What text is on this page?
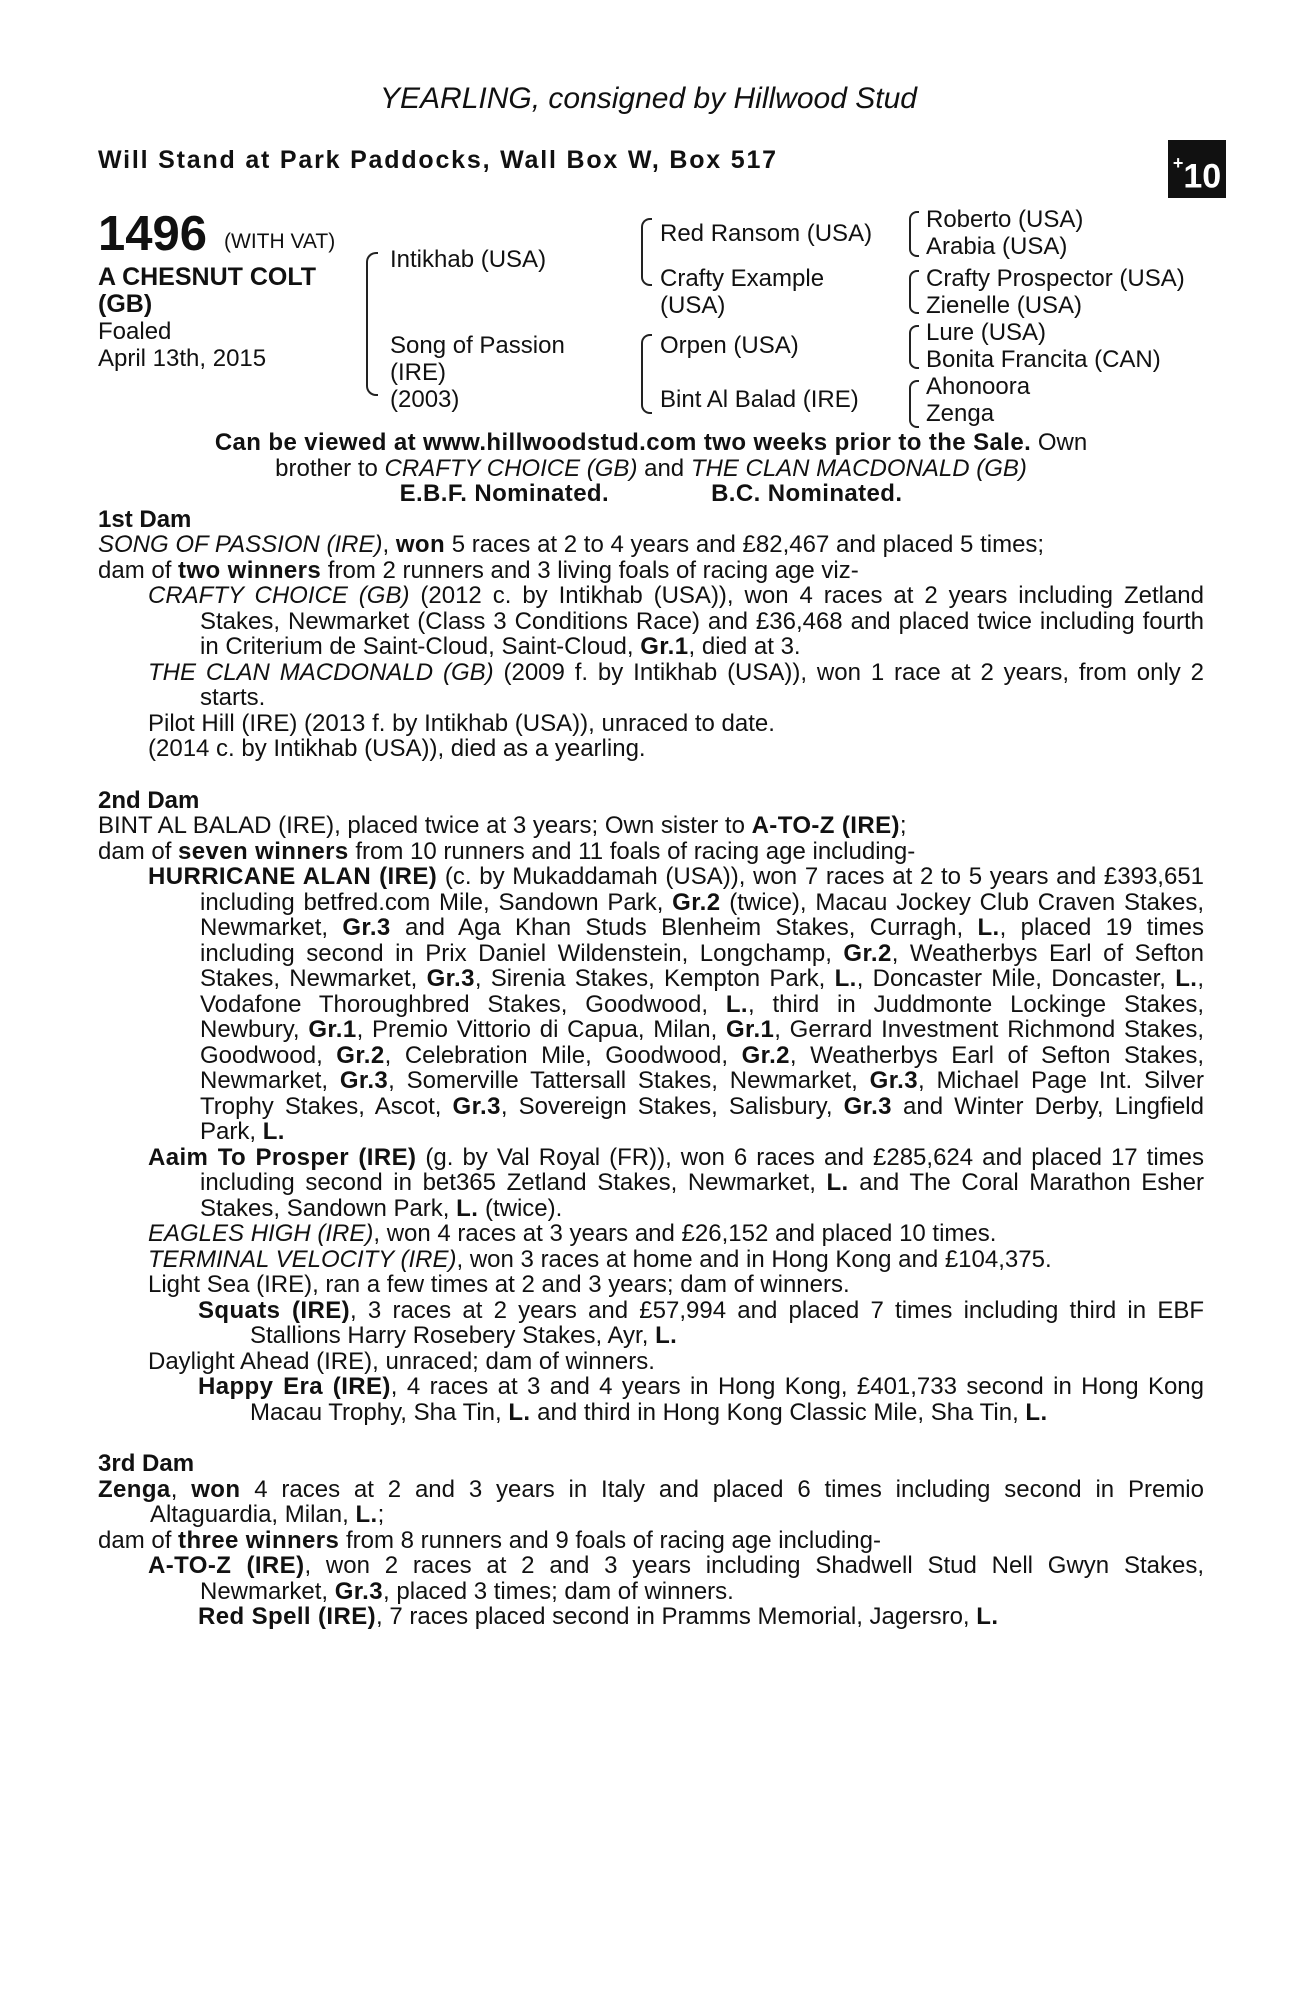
YEARLING, consigned by Hillwood Stud
Will Stand at Park Paddocks, Wall Box W, Box 517	+10
1496 (WITH VAT)
A CHESNUT COLT
(GB)
Foaled
April 13th, 2015
Intikhab (USA)
Song of Passion
(IRE)
(2003)
Red Ransom (USA)
Crafty Example
(USA)
Orpen (USA)
Bint Al Balad (IRE)
Roberto (USA)
Arabia (USA)
Crafty Prospector (USA)
Zienelle (USA)
Lure (USA)
Bonita Francita (CAN)
Ahonoora
Zenga

Can be viewed at www.hillwoodstud.com two weeks prior to the Sale. Own

brother to CRAFTY CHOICE (GB) and THE CLAN MACDONALD (GB)

E.B.F. Nominated.	B.C. Nominated.

1st Dam

SONG OF PASSION (IRE), won 5 races at 2 to 4 years and £82,467 and placed 5 times;

dam of two winners from 2 runners and 3 living foals of racing age viz-

CRAFTY CHOICE (GB) (2012 c. by Intikhab (USA)), won 4 races at 2 years including Zetland Stakes, Newmarket (Class 3 Conditions Race) and £36,468 and placed twice including fourth in Criterium de Saint-Cloud, Saint-Cloud, Gr.1, died at 3.

THE CLAN MACDONALD (GB) (2009 f. by Intikhab (USA)), won 1 race at 2 years, from only 2 starts.

Pilot Hill (IRE) (2013 f. by Intikhab (USA)), unraced to date.

(2014 c. by Intikhab (USA)), died as a yearling.

2nd Dam

BINT AL BALAD (IRE), placed twice at 3 years; Own sister to A-TO-Z (IRE);

dam of seven winners from 10 runners and 11 foals of racing age including-

HURRICANE ALAN (IRE) (c. by Mukaddamah (USA)), won 7 races at 2 to 5 years and £393,651 including betfred.com Mile, Sandown Park, Gr.2 (twice), Macau Jockey Club Craven Stakes, Newmarket, Gr.3 and Aga Khan Studs Blenheim Stakes, Curragh, L., placed 19 times including second in Prix Daniel Wildenstein, Longchamp, Gr.2, Weatherbys Earl of Sefton Stakes, Newmarket, Gr.3, Sirenia Stakes, Kempton Park, L., Doncaster Mile, Doncaster, L., Vodafone Thoroughbred Stakes, Goodwood, L., third in Juddmonte Lockinge Stakes, Newbury, Gr.1, Premio Vittorio di Capua, Milan, Gr.1, Gerrard Investment Richmond Stakes, Goodwood, Gr.2, Celebration Mile, Goodwood, Gr.2, Weatherbys Earl of Sefton Stakes, Newmarket, Gr.3, Somerville Tattersall Stakes, Newmarket, Gr.3, Michael Page Int. Silver Trophy Stakes, Ascot, Gr.3, Sovereign Stakes, Salisbury, Gr.3 and Winter Derby, Lingfield Park, L.

Aaim To Prosper (IRE) (g. by Val Royal (FR)), won 6 races and £285,624 and placed 17 times including second in bet365 Zetland Stakes, Newmarket, L. and The Coral Marathon Esher Stakes, Sandown Park, L. (twice).

EAGLES HIGH (IRE), won 4 races at 3 years and £26,152 and placed 10 times.

TERMINAL VELOCITY (IRE), won 3 races at home and in Hong Kong and £104,375.

Light Sea (IRE), ran a few times at 2 and 3 years; dam of winners.

Squats (IRE), 3 races at 2 years and £57,994 and placed 7 times including third in EBF Stallions Harry Rosebery Stakes, Ayr, L.

Daylight Ahead (IRE), unraced; dam of winners.

Happy Era (IRE), 4 races at 3 and 4 years in Hong Kong, £401,733 second in Hong Kong Macau Trophy, Sha Tin, L. and third in Hong Kong Classic Mile, Sha Tin, L.

3rd Dam

Zenga, won 4 races at 2 and 3 years in Italy and placed 6 times including second in Premio Altaguardia, Milan, L.;

dam of three winners from 8 runners and 9 foals of racing age including-

A-TO-Z (IRE), won 2 races at 2 and 3 years including Shadwell Stud Nell Gwyn Stakes, Newmarket, Gr.3, placed 3 times; dam of winners.

Red Spell (IRE), 7 races placed second in Pramms Memorial, Jagersro, L.
